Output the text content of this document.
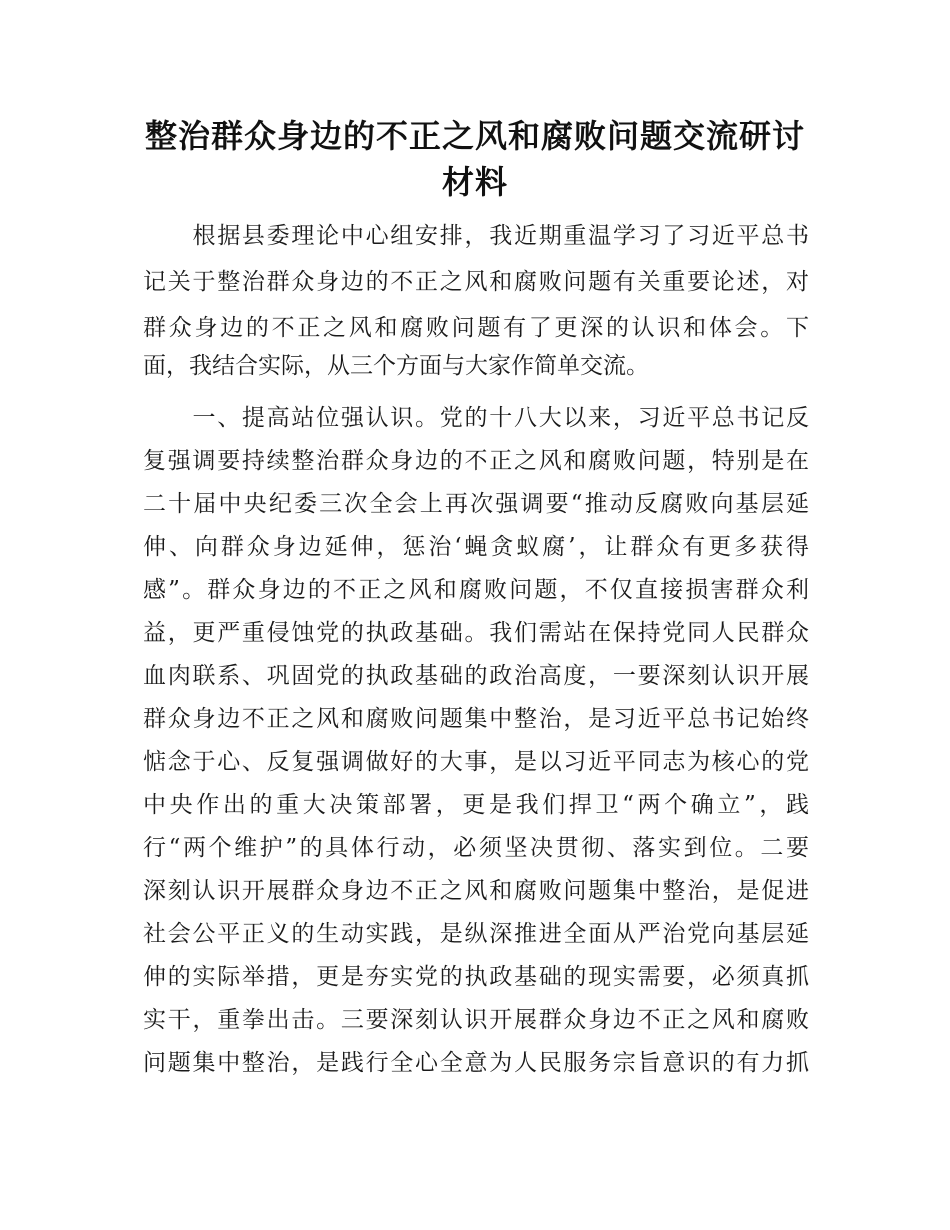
整治群众身边的不正之风和腐败问题交流研讨
材料
　　根据县委理论中心组安排，我近期重温学习了习近平总书
记关于整治群众身边的不正之风和腐败问题有关重要论述，对
群众身边的不正之风和腐败问题有了更深的认识和体会。下
面，我结合实际，从三个方面与大家作简单交流。
　　一、提高站位强认识。党的十八大以来，习近平总书记反
复强调要持续整治群众身边的不正之风和腐败问题，特别是在
二十届中央纪委三次全会上再次强调要“推动反腐败向基层延
伸、向群众身边延伸，惩治‘蝇贪蚁腐’，让群众有更多获得
感”。群众身边的不正之风和腐败问题，不仅直接损害群众利
益，更严重侵蚀党的执政基础。我们需站在保持党同人民群众
血肉联系、巩固党的执政基础的政治高度，一要深刻认识开展
群众身边不正之风和腐败问题集中整治，是习近平总书记始终
惦念于心、反复强调做好的大事，是以习近平同志为核心的党
中央作出的重大决策部署，更是我们捍卫“两个确立”，践
行“两个维护”的具体行动，必须坚决贯彻、落实到位。二要
深刻认识开展群众身边不正之风和腐败问题集中整治，是促进
社会公平正义的生动实践，是纵深推进全面从严治党向基层延
伸的实际举措，更是夯实党的执政基础的现实需要，必须真抓
实干，重拳出击。三要深刻认识开展群众身边不正之风和腐败
问题集中整治，是践行全心全意为人民服务宗旨意识的有力抓
